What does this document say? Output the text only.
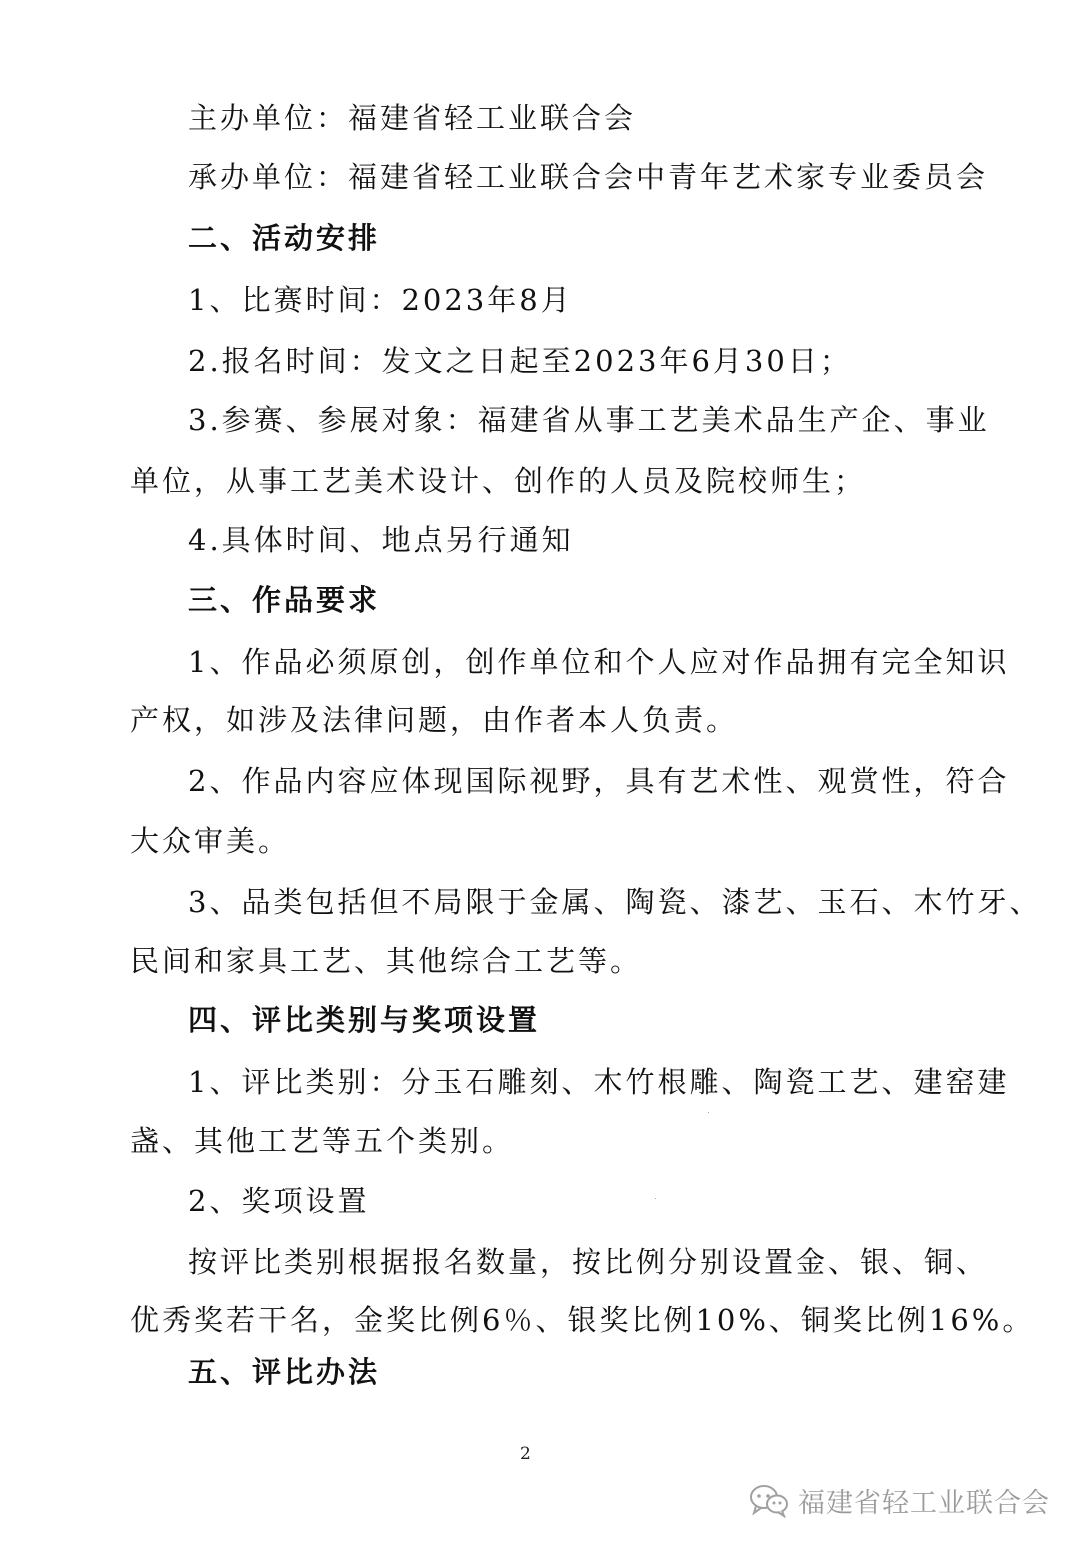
主办单位：福建省轻工业联合会
承办单位：福建省轻工业联合会中青年艺术家专业委员会
二、活动安排
1、比赛时间：2023年8月
2.报名时间：发文之日起至2023年6月30日；
3.参赛、参展对象：福建省从事工艺美术品生产企、事业
单位，从事工艺美术设计、创作的人员及院校师生；
4.具体时间、地点另行通知
三、作品要求
1、作品必须原创，创作单位和个人应对作品拥有完全知识
产权，如涉及法律问题，由作者本人负责。
2、作品内容应体现国际视野，具有艺术性、观赏性，符合
大众审美。
3、品类包括但不局限于金属、陶瓷、漆艺、玉石、木竹牙、
民间和家具工艺、其他综合工艺等。
四、评比类别与奖项设置
1、评比类别：分玉石雕刻、木竹根雕、陶瓷工艺、建窑建
盏、其他工艺等五个类别。
2、奖项设置
按评比类别根据报名数量，按比例分别设置金、银、铜、
优秀奖若干名，金奖比例6％、银奖比例10%、铜奖比例16%。
五、评比办法
2
福建省轻工业联合会
